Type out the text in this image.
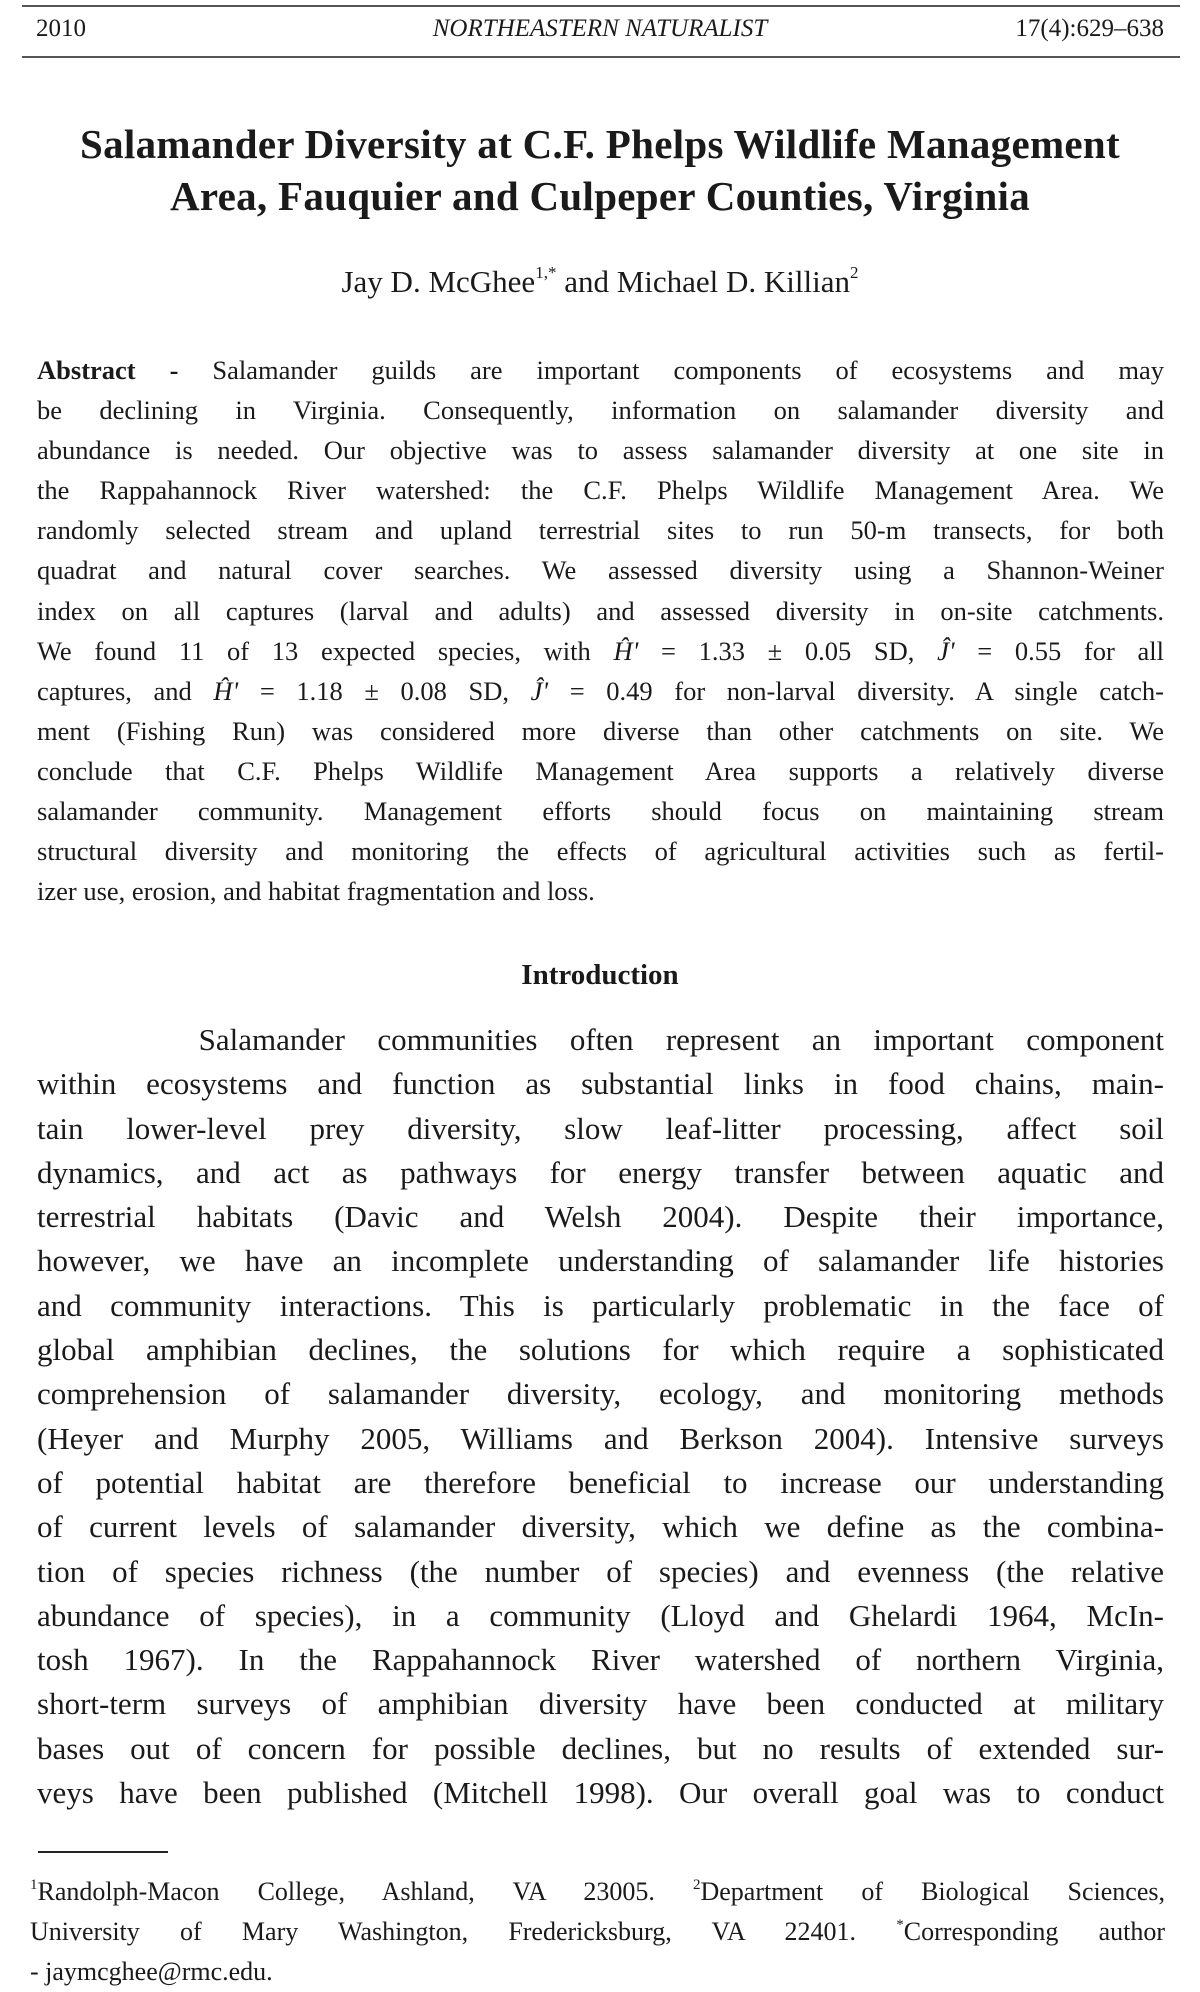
2010	NORTHEASTERN NATURALIST	17(4):629–638
Salamander Diversity at C.F. Phelps Wildlife Management
Area, Fauquier and Culpeper Counties, Virginia
Jay D. McGhee$^{1,*}$ and Michael D. Killian$^2$
Abstract - Salamander guilds are important components of ecosystems and may
be declining in Virginia. Consequently, information on salamander diversity and
abundance is needed. Our objective was to assess salamander diversity at one site in
the Rappahannock River watershed: the C.F. Phelps Wildlife Management Area. We
randomly selected stream and upland terrestrial sites to run 50-m transects, for both
quadrat and natural cover searches. We assessed diversity using a Shannon-Weiner
index on all captures (larval and adults) and assessed diversity in on-site catchments.
We found 11 of 13 expected species, with Ĥ' = 1.33 ± 0.05 SD, Ĵ' = 0.55 for all
captures, and Ĥ' = 1.18 ± 0.08 SD, Ĵ' = 0.49 for non-larval diversity. A single catch-
ment (Fishing Run) was considered more diverse than other catchments on site. We
conclude that C.F. Phelps Wildlife Management Area supports a relatively diverse
salamander community. Management efforts should focus on maintaining stream
structural diversity and monitoring the effects of agricultural activities such as fertil-
izer use, erosion, and habitat fragmentation and loss.
Introduction
Salamander communities often represent an important component
within ecosystems and function as substantial links in food chains, main-
tain lower-level prey diversity, slow leaf-litter processing, affect soil
dynamics, and act as pathways for energy transfer between aquatic and
terrestrial habitats (Davic and Welsh 2004). Despite their importance,
however, we have an incomplete understanding of salamander life histories
and community interactions. This is particularly problematic in the face of
global amphibian declines, the solutions for which require a sophisticated
comprehension of salamander diversity, ecology, and monitoring methods
(Heyer and Murphy 2005, Williams and Berkson 2004). Intensive surveys
of potential habitat are therefore beneficial to increase our understanding
of current levels of salamander diversity, which we define as the combina-
tion of species richness (the number of species) and evenness (the relative
abundance of species), in a community (Lloyd and Ghelardi 1964, McIn-
tosh 1967). In the Rappahannock River watershed of northern Virginia,
short-term surveys of amphibian diversity have been conducted at military
bases out of concern for possible declines, but no results of extended sur-
veys have been published (Mitchell 1998). Our overall goal was to conduct
$^1$Randolph-Macon College, Ashland, VA 23005. $^2$Department of Biological Sciences,
University of Mary Washington, Fredericksburg, VA 22401. *Corresponding author
- jaymcghee@rmc.edu.
